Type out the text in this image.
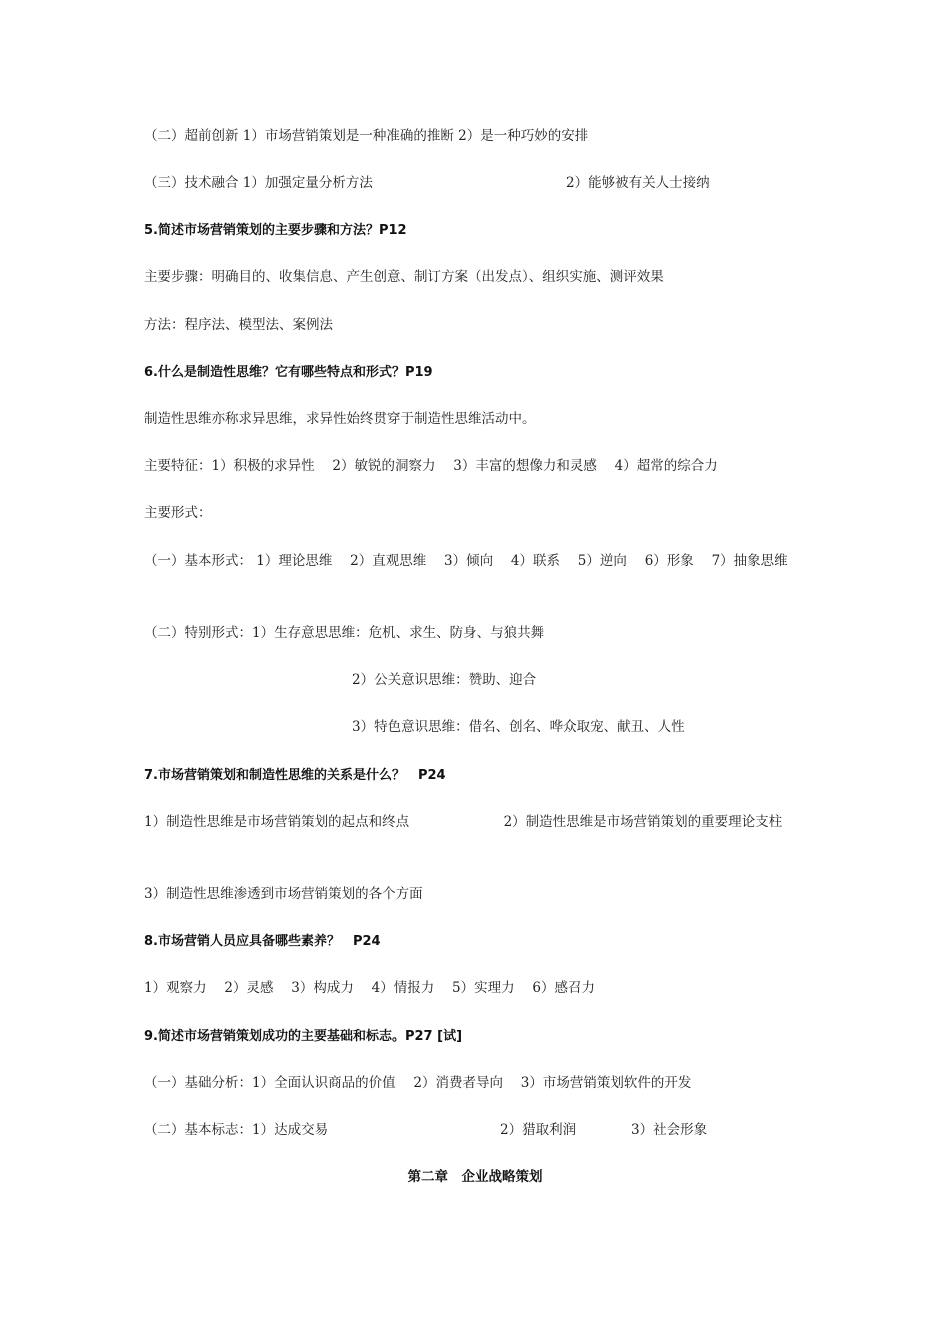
（二）超前创新 1）市场营销策划是一种准确的推断 2）是一种巧妙的安排
（三）技术融合 1）加强定量分析方法	2）能够被有关人士接纳
5.简述市场营销策划的主要步骤和方法？P12
主要步骤：明确目的、收集信息、产生创意、制订方案（出发点）、组织实施、测评效果
方法：程序法、模型法、案例法
6.什么是制造性思维？它有哪些特点和形式？P19
制造性思维亦称求异思维，求异性始终贯穿于制造性思维活动中。
主要特征：1）积极的求异性　 2）敏锐的洞察力　 3）丰富的想像力和灵感　 4）超常的综合力
主要形式：
（一）基本形式： 1）理论思维　 2）直观思维　 3）倾向　 4）联系　 5）逆向　 6）形象　 7）抽象思维
（二）特别形式：1）生存意思思维：危机、求生、防身、与狼共舞
2）公关意识思维：赞助、迎合
3）特色意识思维：借名、创名、哗众取宠、献丑、人性
7.市场营销策划和制造性思维的关系是什么？　P24
1）制造性思维是市场营销策划的起点和终点　　　　　　　2）制造性思维是市场营销策划的重要理论支柱
3）制造性思维渗透到市场营销策划的各个方面
8.市场营销人员应具备哪些素养？　P24
1）观察力　 2）灵感　 3）构成力　 4）情报力　 5）实理力　 6）感召力
9.简述市场营销策划成功的主要基础和标志。P27 [试]
（一）基础分析：1）全面认识商品的价值　 2）消费者导向　 3）市场营销策划软件的开发
（二）基本标志：1）达成交易	2）猎取利润	3）社会形象
第二章　企业战略策划
